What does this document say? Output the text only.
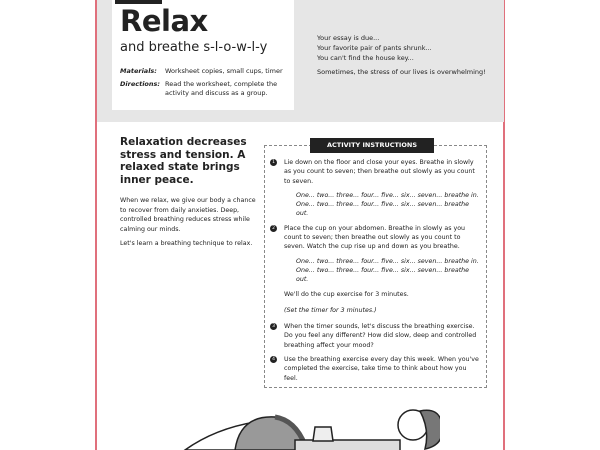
Relax
and breathe s-l-o-w-l-y
Materials: Worksheet copies, small cups, timer
Directions: Read the worksheet, complete the activity and discuss as a group.
Your essay is due...
Your favorite pair of pants shrunk...
You can't find the house key...
Sometimes, the stress of our lives is overwhelming!
Relaxation decreases stress and tension. A relaxed state brings inner peace.

When we relax, we give our body a chance to recover from daily anxieties. Deep, controlled breathing reduces stress while calming our minds.

Let's learn a breathing technique to relax.

ACTIVITY INSTRUCTIONS
1	Lie down on the floor and close your eyes. Breathe in slowly as you count to seven; then breathe out slowly as you count to seven.
One... two... three... four... five... six... seven... breathe in.
One... two... three... four... five... six... seven... breathe out.
2	Place the cup on your abdomen. Breathe in slowly as you count to seven; then breathe out slowly as you count to seven. Watch the cup rise up and down as you breathe.
One... two... three... four... five... six... seven... breathe in.
One... two... three... four... five... six... seven... breathe out.
We'll do the cup exercise for 3 minutes.
(Set the timer for 3 minutes.)
3	When the timer sounds, let's discuss the breathing exercise. Do you feel any different? How did slow, deep and controlled breathing affect your mood?
4	Use the breathing exercise every day this week. When you've completed the exercise, take time to think about how you feel.
